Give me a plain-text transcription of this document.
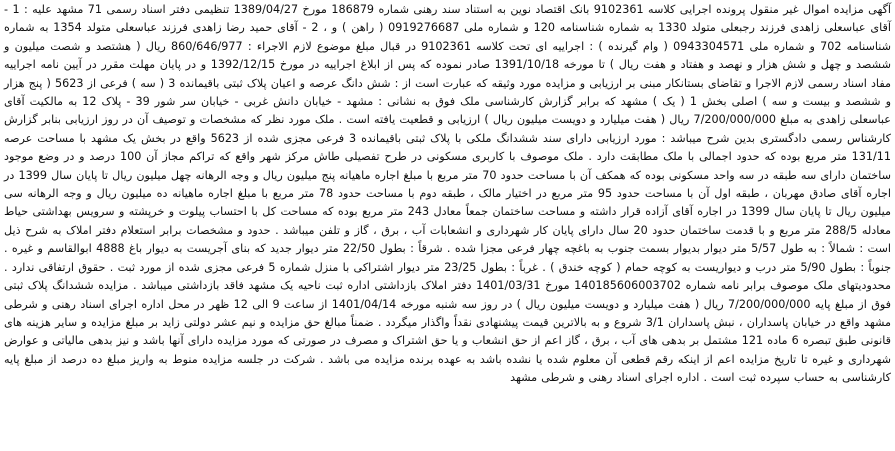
آگهی مزایده اموال غیر منقول پرونده اجرایی کلاسه 9102361 بانک اقتصاد نوین به استناد سند رهنی شماره 186879 مورخ 1389/04/27 تنظیمی دفتر اسناد رسمی 71 مشهد علیه : 1 - آقای عباسعلی زاهدی فرزند رجبعلی متولد 1330 به شماره شناسنامه 120 و شماره ملی 0919276687 ( راهن ) و ، 2 - آقای حمید رضا زاهدی فرزند عباسعلی متولد 1354 به شماره شناسنامه 702 و شماره ملی 0943304571 ( وام گیرنده ) : اجراییه ای تحت کلاسه 9102361 در قبال مبلغ موضوع لازم الاجراء : 860/646/977 ریال ( هشتصد و شصت میلیون و ششصد و چهل و شش هزار و نهصد و هفتاد و هفت ریال ) تا مورخه 1391/10/18 صادر نموده که پس از ابلاغ اجراییه در مورخ 1392/12/15 و در پایان مهلت مقرر در آیین نامه اجراییه مفاد اسناد رسمی لازم الاجرا و تقاضای بستانکار مبنی بر ارزیابی و مزایده مورد وثیقه که عبارت است از : شش دانگ عرصه و اعیان پلاک ثبتی باقیمانده 3 ( سه ) فرعی از 5623 ( پنج هزار و ششصد و بیست و سه ) اصلی بخش 1 ( یک ) مشهد که برابر گزارش کارشناسی ملک فوق به نشانی : مشهد - خیابان دانش غربی - خیابان سر شور 39 - پلاک 12 به مالکیت آقای عباسعلی زاهدی به مبلغ 7/200/000/000 ریال ( هفت میلیارد و دویست میلیون ریال ) ارزیابی و قطعیت یافته است . ملک مورد نظر که مشخصات و توصیف آن در روز ارزیابی بنابر گزارش کارشناس رسمی دادگستری بدین شرح میباشد : مورد ارزیابی دارای سند ششدانگ ملکی با پلاک ثبتی باقیمانده 3 فرعی مجزی شده از 5623 واقع در بخش یک مشهد با مساحت عرصه 131/11 متر مربع بوده که حدود اجمالی با ملک مطابقت دارد . ملک موصوف با کاربری مسکونی در طرح تفصیلی طاش مرکز شهر واقع که تراکم مجاز آن 100 درصد و در وضع موجود ساختمان دارای سه طبقه در سه واحد مسکونی بوده که همکف آن با مساحت حدود 70 متر مربع با مبلغ اجاره ماهیانه پنج میلیون ریال و وجه الرهانه چهل میلیون ریال تا پایان سال 1399 در اجاره آقای صادق مهربان ، طبقه اول آن با مساحت حدود 95 متر مربع در اختیار مالک ، طبقه دوم با مساحت حدود 78 متر مربع با مبلغ اجاره ماهیانه ده میلیون ریال و وجه الرهانه سی میلیون ریال تا پایان سال 1399 در اجاره آقای آزاده قرار داشته و مساحت ساختمان جمعاً معادل 243 متر مربع بوده که مساحت کل با احتساب پیلوت و خرپشته و سرویس بهداشتی حیاط معادله 288/5 متر مربع و با قدمت ساختمان حدود 20 سال دارای پایان کار شهرداری و انشعابات آب ، برق ، گاز و تلفن میباشد . حدود و مشخصات برابر استعلام دفتر املاک به شرح ذیل است : شمالاً : به طول 5/57 متر دیوار بدیوار بسمت جنوب به باغچه چهار فرعی مجزا شده . شرقاً : بطول 22/50 متر دیوار جدید که بنای آجریست به دیوار باغ 4888 ابوالقاسم و غیره . جنوباً : بطول 5/90 متر درب و دیواریست به کوچه حمام ( کوچه خندق ) . غرباً : بطول 23/25 متر دیوار اشتراکی با منزل شماره 5 فرعی مجزی شده از مورد ثبت . حقوق ارتفاقی ندارد . محدودیتهای ملک موصوف برابر نامه شماره 140185606003702 مورخ 1401/03/31 دفتر املاک بازداشتی اداره ثبت ناحیه یک مشهد فاقد بازداشتی میباشد . مزایده ششدانگ پلاک ثبتی فوق از مبلغ پایه 7/200/000/000 ریال ( هفت میلیارد و دویست میلیون ریال ) در روز سه شنبه مورخه 1401/04/14 از ساعت 9 الی 12 ظهر در محل اداره اجرای اسناد رهنی و شرطی مشهد واقع در خیابان پاسداران ، نبش پاسداران 3/1 شروع و به بالاترین قیمت پیشنهادی نقداً واگذار میگردد . ضمناً مبالغ حق مزایده و نیم عشر دولتی زاید بر مبلغ مزایده و سایر هزینه های قانونی طبق تبصره 6 ماده 121 مشتمل بر بدهی های آب ، برق ، گاز اعم از حق انشعاب و یا حق اشتراک و مصرف در صورتی که مورد مزایده دارای آنها باشد و نیز بدهی مالیاتی و عوارض شهرداری و غیره تا تاریخ مزایده اعم از اینکه رقم قطعی آن معلوم شده یا نشده باشد به عهده برنده مزایده می باشد . شرکت در جلسه مزایده منوط به واریز مبلغ ده درصد از مبلغ پایه کارشناسی به حساب سپرده ثبت است . اداره اجرای اسناد رهنی و شرطی مشهد
